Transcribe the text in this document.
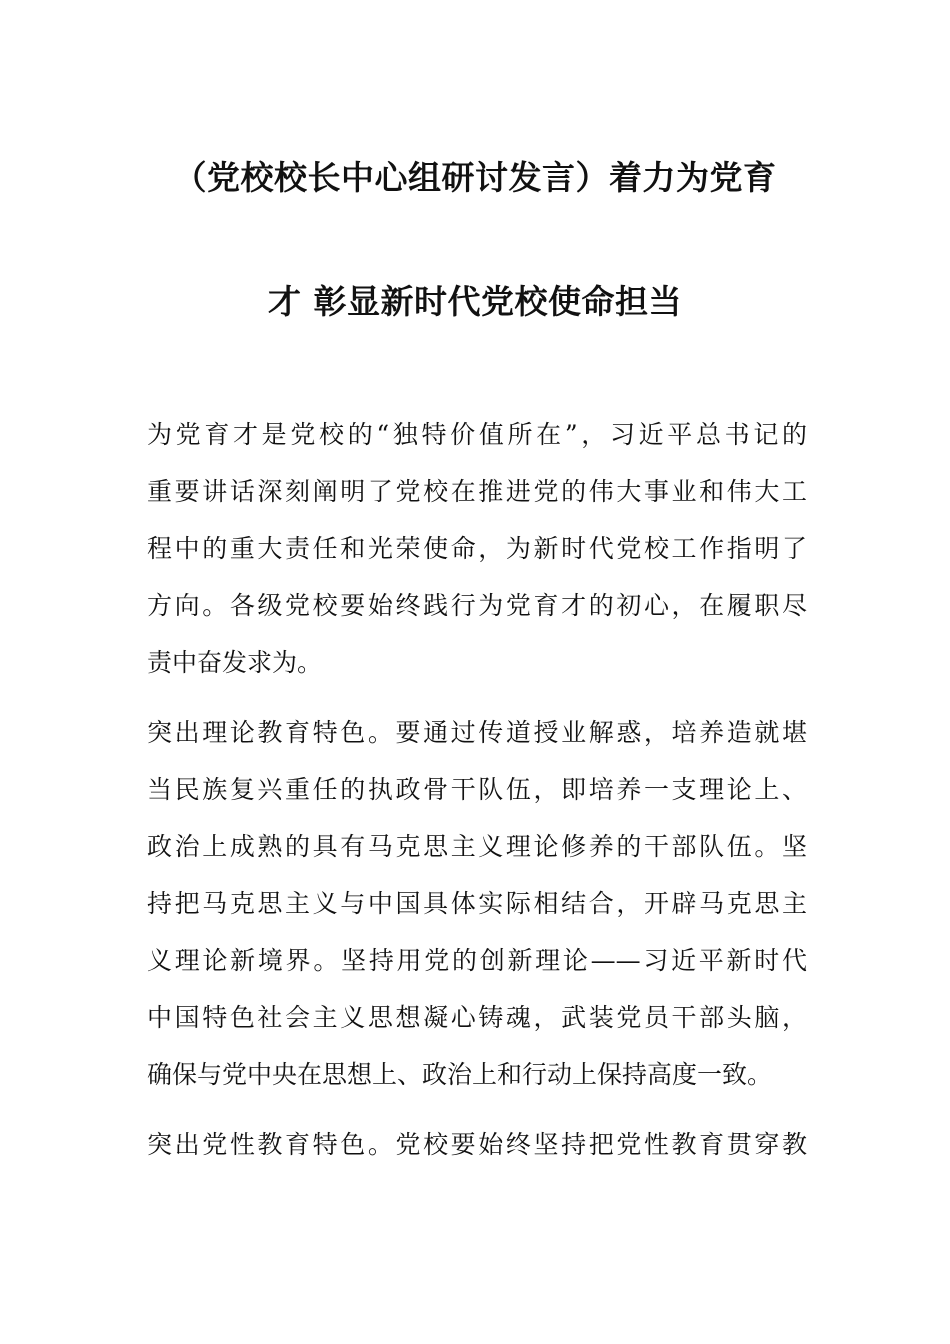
（党校校长中心组研讨发言）着力为党育
才 彰显新时代党校使命担当
为党育才是党校的“独特价值所在”，习近平总书记的
重要讲话深刻阐明了党校在推进党的伟大事业和伟大工
程中的重大责任和光荣使命，为新时代党校工作指明了
方向。各级党校要始终践行为党育才的初心，在履职尽
责中奋发求为。
突出理论教育特色。要通过传道授业解惑，培养造就堪
当民族复兴重任的执政骨干队伍，即培养一支理论上、
政治上成熟的具有马克思主义理论修养的干部队伍。坚
持把马克思主义与中国具体实际相结合，开辟马克思主
义理论新境界。坚持用党的创新理论——习近平新时代
中国特色社会主义思想凝心铸魂，武装党员干部头脑，
确保与党中央在思想上、政治上和行动上保持高度一致。
突出党性教育特色。党校要始终坚持把党性教育贯穿教
